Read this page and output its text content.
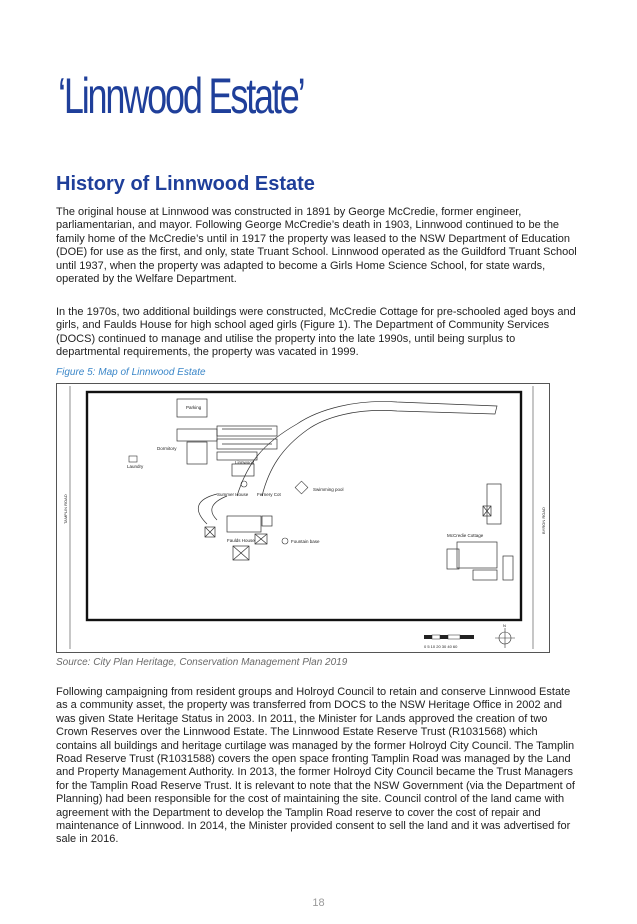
‘Linnwood Estate’
History of Linnwood Estate

The original house at Linnwood was constructed in 1891 by George McCredie, former engineer, parliamentarian, and mayor. Following George McCredie’s death in 1903, Linnwood continued to be the family home of the McCredie’s until in 1917 the property was leased to the NSW Department of Education (DOE) for use as the first, and only, state Truant School. Linnwood operated as the Guildford Truant School until 1937, when the property was adapted to become a Girls Home Science School, for state wards, operated by the Welfare Department.

In the 1970s, two additional buildings were constructed, McCredie Cottage for pre-schooled aged boys and girls, and Faulds House for high school aged girls (Figure 1). The Department of Community Services (DOCS) continued to manage and utilise the property into the late 1990s, until being surplus to departmental requirements, the property was vacated in 1999.

Figure 5: Map of Linnwood Estate

TAMPLIN ROAD	BYRON ROAD
Parking
Dormitory
Laundry
Linnwood
Summer House Fernery Cot
Swimming pool
Faulds House	Fountain base
McCredie Cottage
0 5 10 20 30 40 60
N

Source: City Plan Heritage, Conservation Management Plan 2019

Following campaigning from resident groups and Holroyd Council to retain and conserve Linnwood Estate as a community asset, the property was transferred from DOCS to the NSW Heritage Office in 2002 and was given State Heritage Status in 2003. In 2011, the Minister for Lands approved the creation of two Crown Reserves over the Linnwood Estate. The Linnwood Estate Reserve Trust (R1031568) which contains all buildings and heritage curtilage was managed by the former Holroyd City Council. The Tamplin Road Reserve Trust (R1031588) covers the open space fronting Tamplin Road was managed by the Land and Property Management Authority. In 2013, the former Holroyd City Council became the Trust Managers for the Tamplin Road Reserve Trust. It is relevant to note that the NSW Government (via the Department of Planning) had been responsible for the cost of maintaining the site. Council control of the land came with agreement with the Department to develop the Tamplin Road reserve to cover the cost of repair and maintenance of Linnwood. In 2014, the Minister provided consent to sell the land and it was advertised for sale in 2016.

18
